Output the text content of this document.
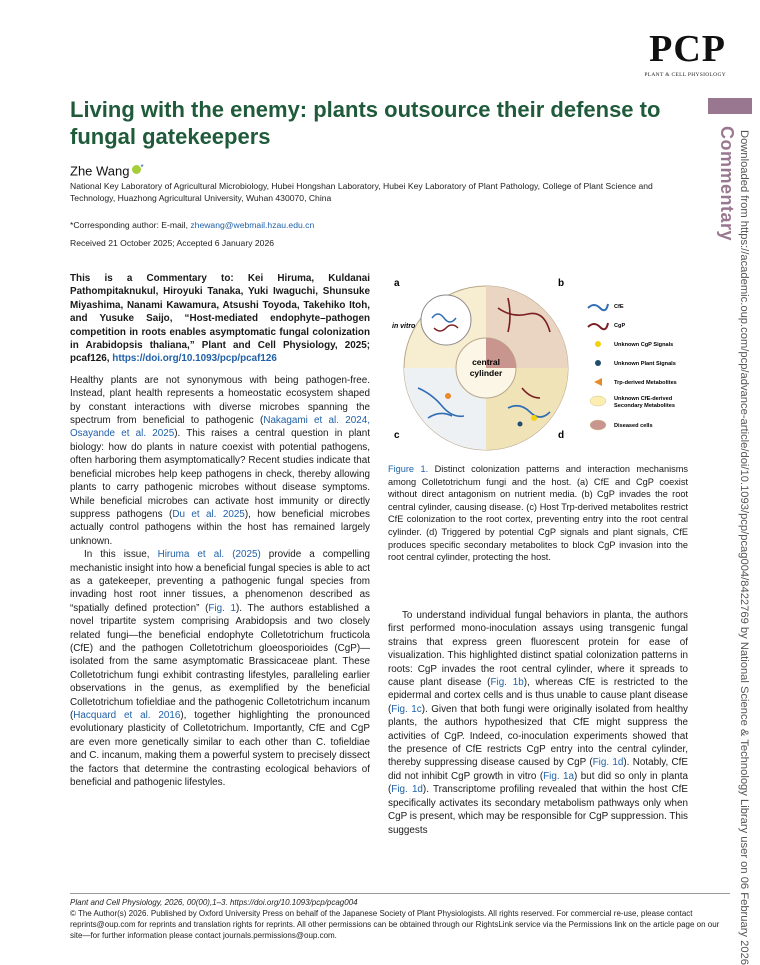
PCP
PLANT & CELL PHYSIOLOGY
Commentary Downloaded from https://academic.oup.com/pcp/advance-article/doi/10.1093/pcp/pcag004/8422769 by National Science & Technology Library user on 06 February 2026
Living with the enemy: plants outsource their defense to fungal gatekeepers
Zhe Wang *
National Key Laboratory of Agricultural Microbiology, Hubei Hongshan Laboratory, Hubei Key Laboratory of Plant Pathology, College of Plant Science and Technology, Huazhong Agricultural University, Wuhan 430070, China
*Corresponding author: E-mail, zhewang@webmail.hzau.edu.cn
Received 21 October 2025; Accepted 6 January 2026

This is a Commentary to: Kei Hiruma, Kuldanai Pathompitaknukul, Hiroyuki Tanaka, Yuki Iwaguchi, Shunsuke Miyashima, Nanami Kawamura, Atsushi Toyoda, Takehiko Itoh, and Yusuke Saijo, “Host-mediated endophyte–pathogen competition in roots enables asymptomatic fungal colonization in Arabidopsis thaliana,” Plant and Cell Physiology, 2025; pcaf126, https://doi.org/10.1093/pcp/pcaf126

Healthy plants are not synonymous with being pathogen-free. Instead, plant health represents a homeostatic ecosystem shaped by constant interactions with diverse microbes spanning the spectrum from beneficial to pathogenic (Nakagami et al. 2024, Osayande et al. 2025). This raises a central question in plant biology: how do plants in nature coexist with potential pathogens, often harboring them asymptomatically? Recent studies indicate that beneficial microbes help keep pathogens in check, thereby allowing plants to carry pathogenic microbes without disease symptoms. While beneficial microbes can activate host immunity or directly suppress pathogens (Du et al. 2025), how beneficial microbes actually control pathogens within the host has remained largely unknown.

In this issue, Hiruma et al. (2025) provide a compelling mechanistic insight into how a beneficial fungal species is able to act as a gatekeeper, preventing a pathogenic fungal species from invading host root inner tissues, a phenomenon described as “spatially defined protection” (Fig. 1). The authors established a novel tripartite system comprising Arabidopsis and two closely related fungi—the beneficial endophyte Colletotrichum fructicola (CfE) and the pathogen Colletotrichum gloeosporioides (CgP)—isolated from the same asymptomatic Brassicaceae plant. These Colletotrichum fungi exhibit contrasting lifestyles, paralleling earlier observations in the genus, as exemplified by the beneficial Colletotrichum tofieldiae and the pathogenic Colletotrichum incanum (Hacquard et al. 2016), together highlighting the pronounced evolutionary plasticity of Colletotrichum. Importantly, CfE and CgP are even more genetically similar to each other than C. tofieldiae and C. incanum, making them a powerful system to precisely dissect the factors that determine the contrasting ecological behaviors of beneficial and pathogenic lifestyles.

a	b
c	d
in vitro
central
cylinder
CfE
CgP
Unknown CgP Signals
Unknown Plant Signals
Trp-derived Metabolites
Unknown CfE-derived
Secondary Metabolites
Diseased cells
Figure 1. Distinct colonization patterns and interaction mechanisms among Colletotrichum fungi and the host. (a) CfE and CgP coexist without direct antagonism on nutrient media. (b) CgP invades the root central cylinder, causing disease. (c) Host Trp-derived metabolites restrict CfE colonization to the root cortex, preventing entry into the root central cylinder. (d) Triggered by potential CgP signals and plant signals, CfE produces specific secondary metabolites to block CgP invasion into the root central cylinder, protecting the host.

To understand individual fungal behaviors in planta, the authors first performed mono-inoculation assays using transgenic fungal strains that express green fluorescent protein for ease of visualization. This highlighted distinct spatial colonization patterns in roots: CgP invades the root central cylinder, where it spreads to cause plant disease (Fig. 1b), whereas CfE is restricted to the epidermal and cortex cells and is thus unable to cause plant disease (Fig. 1c). Given that both fungi were originally isolated from healthy plants, the authors hypothesized that CfE might suppress the activities of CgP. Indeed, co-inoculation experiments showed that the presence of CfE restricts CgP entry into the central cylinder, thereby suppressing disease caused by CgP (Fig. 1d). Notably, CfE did not inhibit CgP growth in vitro (Fig. 1a) but did so only in planta (Fig. 1d). Transcriptome profiling revealed that within the host CfE specifically activates its secondary metabolism pathways only when CgP is present, which may be responsible for CgP suppression. This suggests

Plant and Cell Physiology, 2026, 00(00),1–3. https://doi.org/10.1093/pcp/pcag004
© The Author(s) 2026. Published by Oxford University Press on behalf of the Japanese Society of Plant Physiologists. All rights reserved. For commercial re-use, please contact reprints@oup.com for reprints and translation rights for reprints. All other permissions can be obtained through our RightsLink service via the Permissions link on the article page on our site—for further information please contact journals.permissions@oup.com.
